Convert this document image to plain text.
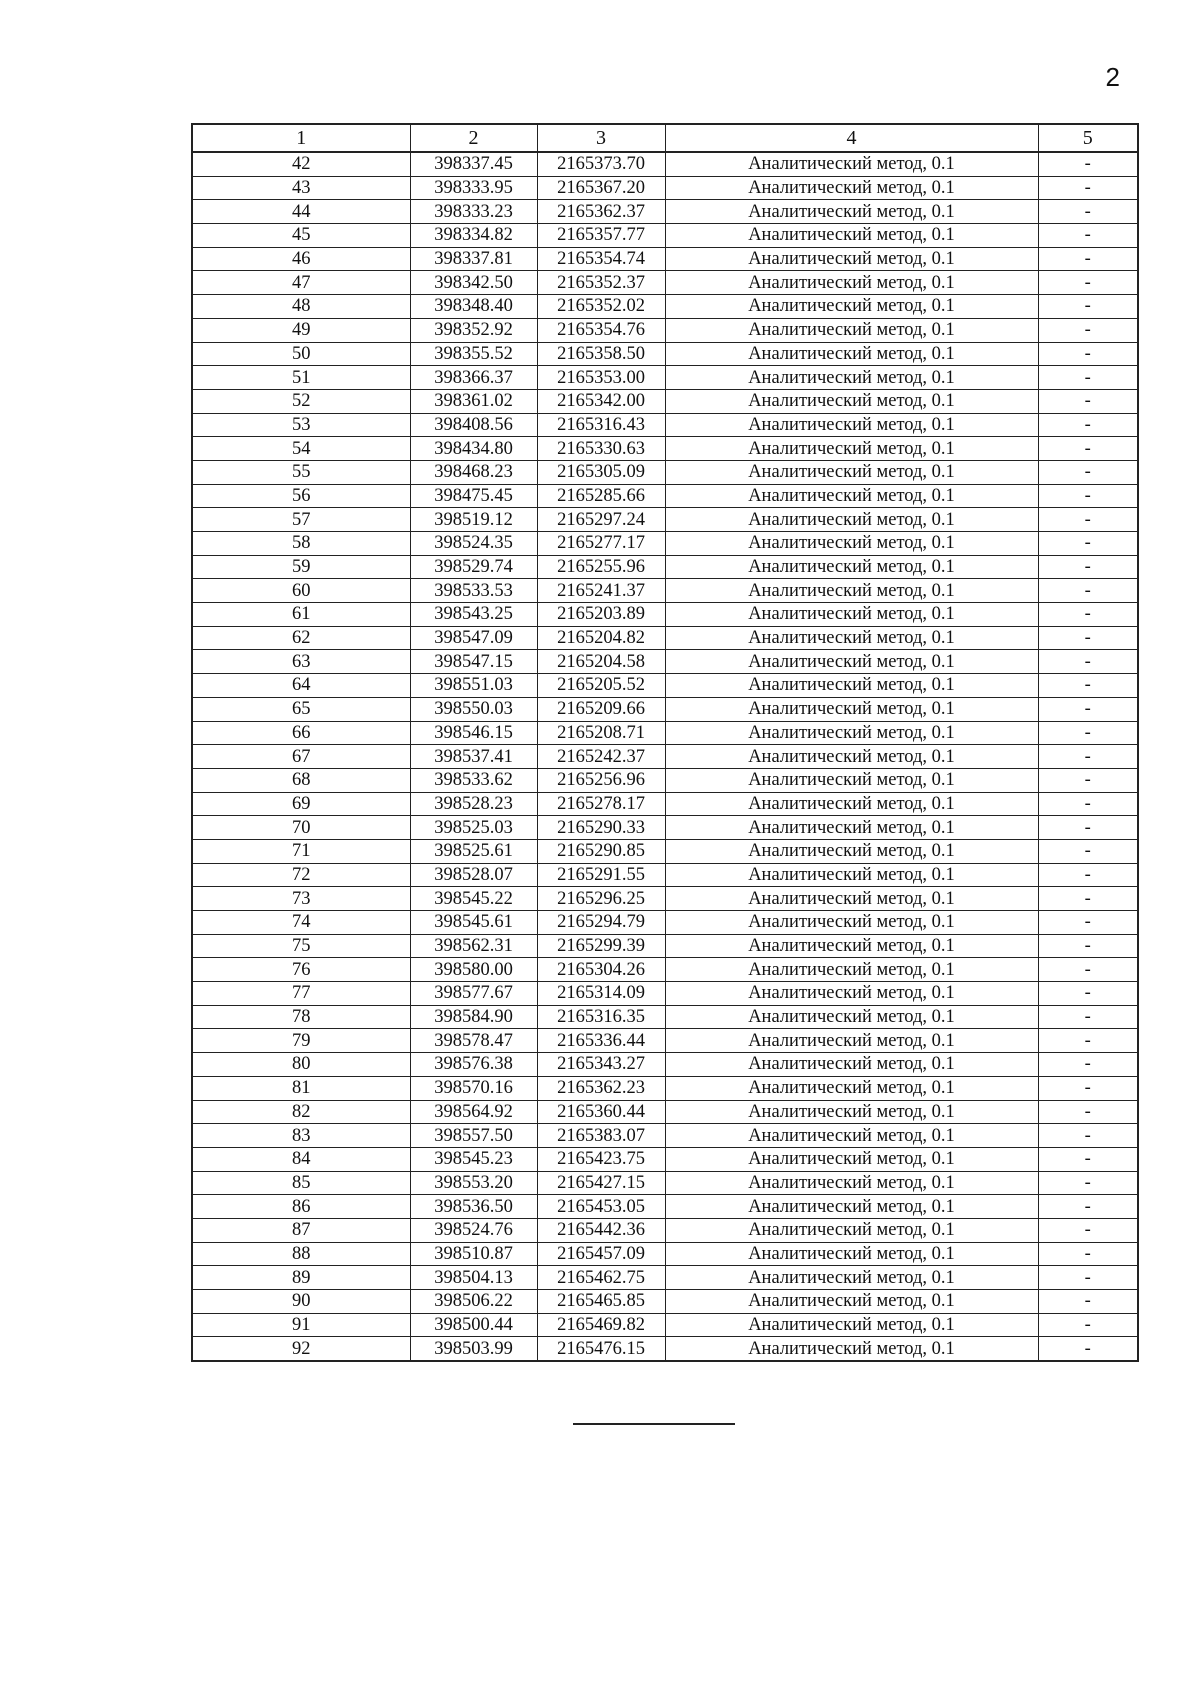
2
1	2	3	4	5
42	398337.45	2165373.70	Аналитический метод, 0.1	-
43	398333.95	2165367.20	Аналитический метод, 0.1	-
44	398333.23	2165362.37	Аналитический метод, 0.1	-
45	398334.82	2165357.77	Аналитический метод, 0.1	-
46	398337.81	2165354.74	Аналитический метод, 0.1	-
47	398342.50	2165352.37	Аналитический метод, 0.1	-
48	398348.40	2165352.02	Аналитический метод, 0.1	-
49	398352.92	2165354.76	Аналитический метод, 0.1	-
50	398355.52	2165358.50	Аналитический метод, 0.1	-
51	398366.37	2165353.00	Аналитический метод, 0.1	-
52	398361.02	2165342.00	Аналитический метод, 0.1	-
53	398408.56	2165316.43	Аналитический метод, 0.1	-
54	398434.80	2165330.63	Аналитический метод, 0.1	-
55	398468.23	2165305.09	Аналитический метод, 0.1	-
56	398475.45	2165285.66	Аналитический метод, 0.1	-
57	398519.12	2165297.24	Аналитический метод, 0.1	-
58	398524.35	2165277.17	Аналитический метод, 0.1	-
59	398529.74	2165255.96	Аналитический метод, 0.1	-
60	398533.53	2165241.37	Аналитический метод, 0.1	-
61	398543.25	2165203.89	Аналитический метод, 0.1	-
62	398547.09	2165204.82	Аналитический метод, 0.1	-
63	398547.15	2165204.58	Аналитический метод, 0.1	-
64	398551.03	2165205.52	Аналитический метод, 0.1	-
65	398550.03	2165209.66	Аналитический метод, 0.1	-
66	398546.15	2165208.71	Аналитический метод, 0.1	-
67	398537.41	2165242.37	Аналитический метод, 0.1	-
68	398533.62	2165256.96	Аналитический метод, 0.1	-
69	398528.23	2165278.17	Аналитический метод, 0.1	-
70	398525.03	2165290.33	Аналитический метод, 0.1	-
71	398525.61	2165290.85	Аналитический метод, 0.1	-
72	398528.07	2165291.55	Аналитический метод, 0.1	-
73	398545.22	2165296.25	Аналитический метод, 0.1	-
74	398545.61	2165294.79	Аналитический метод, 0.1	-
75	398562.31	2165299.39	Аналитический метод, 0.1	-
76	398580.00	2165304.26	Аналитический метод, 0.1	-
77	398577.67	2165314.09	Аналитический метод, 0.1	-
78	398584.90	2165316.35	Аналитический метод, 0.1	-
79	398578.47	2165336.44	Аналитический метод, 0.1	-
80	398576.38	2165343.27	Аналитический метод, 0.1	-
81	398570.16	2165362.23	Аналитический метод, 0.1	-
82	398564.92	2165360.44	Аналитический метод, 0.1	-
83	398557.50	2165383.07	Аналитический метод, 0.1	-
84	398545.23	2165423.75	Аналитический метод, 0.1	-
85	398553.20	2165427.15	Аналитический метод, 0.1	-
86	398536.50	2165453.05	Аналитический метод, 0.1	-
87	398524.76	2165442.36	Аналитический метод, 0.1	-
88	398510.87	2165457.09	Аналитический метод, 0.1	-
89	398504.13	2165462.75	Аналитический метод, 0.1	-
90	398506.22	2165465.85	Аналитический метод, 0.1	-
91	398500.44	2165469.82	Аналитический метод, 0.1	-
92	398503.99	2165476.15	Аналитический метод, 0.1	-
